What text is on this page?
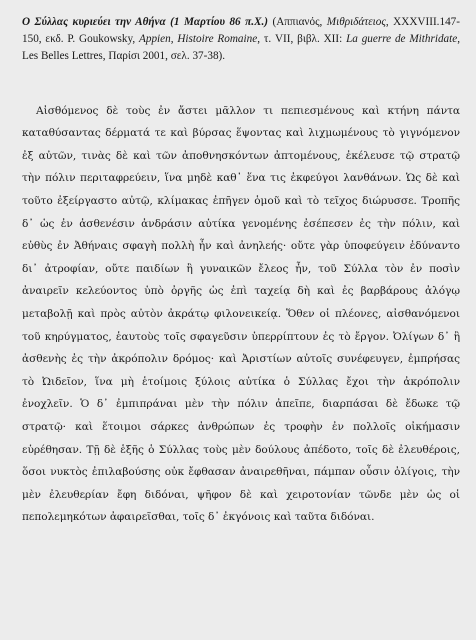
Ο Σύλλας κυριεύει την Αθήνα (1 Μαρτίου 86 π.Χ.) (Αππιανός, Μιθριδάτειος, XXXVIII.147-150, εκδ. P. Goukowsky, Appien, Histoire Romaine, τ. VII, βιβλ. XII: La guerre de Mithridate, Les Belles Lettres, Παρίσι 2001, σελ. 37-38).

Αἰσθόμενος δὲ τοὺς ἐν ἄστει μᾶλλον τι πεπιεσμένους καὶ κτήνη πάντα καταθύσαντας δέρματά τε καὶ βύρσας ἕψοντας καὶ λιχμωμένους τὸ γιγνόμενον ἐξ αὐτῶν, τινὰς δὲ καὶ τῶν ἀποθνησκόντων ἀπτομένους, ἐκέλευσε τῷ στρατῷ τὴν πόλιν περιταφρεύειν, ἵνα μηδὲ καθ᾽ ἕνα τις ἐκφεύγοι λανθάνων. Ὡς δὲ καὶ τοῦτο ἐξείργαστο αὐτῷ, κλίμακας ἐπῆγεν ὁμοῦ καὶ τὸ τεῖχος διώρυσσε. Τροπῆς δ᾽ ὡς ἐν ἀσθενέσιν ἀνδράσιν αὐτίκα γενομένης ἐσέπεσεν ἐς τὴν πόλιν, καὶ εὐθὺς ἐν Ἀθήναις σφαγὴ πολλὴ ἦν καὶ ἀνηλεής· οὔτε γὰρ ὑποφεύγειν ἐδύναντο δι᾽ ἀτροφίαν, οὔτε παιδίων ἢ γυναικῶν ἔλεος ἦν, τοῦ Σύλλα τὸν ἐν ποσὶν ἀναιρεῖν κελεύοντος ὑπὸ ὀργῆς ὡς ἐπὶ ταχείᾳ δὴ καὶ ἐς βαρβάρους ἀλόγῳ μεταβολῇ καὶ πρὸς αὐτὸν ἀκράτῳ φιλονεικείᾳ. Ὅθεν οἱ πλέονες, αἰσθανόμενοι τοῦ κηρύγματος, ἑαυτοὺς τοῖς σφαγεῦσιν ὑπερρίπτουν ἐς τὸ ἔργον. Ὀλίγων δ᾽ ἢ ἀσθενὴς ἐς τὴν ἀκρόπολιν δρόμος· καὶ Ἀριστίων αὐτοῖς συνέφευγεν, ἐμπρήσας τὸ Ὠιδεῖον, ἵνα μὴ ἑτοίμοις ξύλοις αὐτίκα ὁ Σύλλας ἔχοι τὴν ἀκρόπολιν ἐνοχλεῖν. Ὁ δ᾽ ἐμπιπράναι μὲν τὴν πόλιν ἀπεῖπε, διαρπάσαι δὲ ἔδωκε τῷ στρατῷ· καὶ ἕτοιμοι σάρκες ἀνθρώπων ἐς τροφὴν ἐν πολλοῖς οἰκήμασιν εὑρέθησαν. Τῇ δὲ ἑξῆς ὁ Σύλλας τοὺς μὲν δούλους ἀπέδοτο, τοῖς δὲ ἐλευθέροις, ὅσοι νυκτὸς ἐπιλαβούσης οὐκ ἔφθασαν ἀναιρεθῆναι, πάμπαν οὖσιν ὀλίγοις, τὴν μὲν ἐλευθερίαν ἔφη διδόναι, ψῆφον δὲ καὶ χειροτονίαν τῶνδε μὲν ὡς οἱ πεπολεμηκότων ἀφαιρεῖσθαι, τοῖς δ᾽ ἐκγόνοις καὶ ταῦτα διδόναι.
